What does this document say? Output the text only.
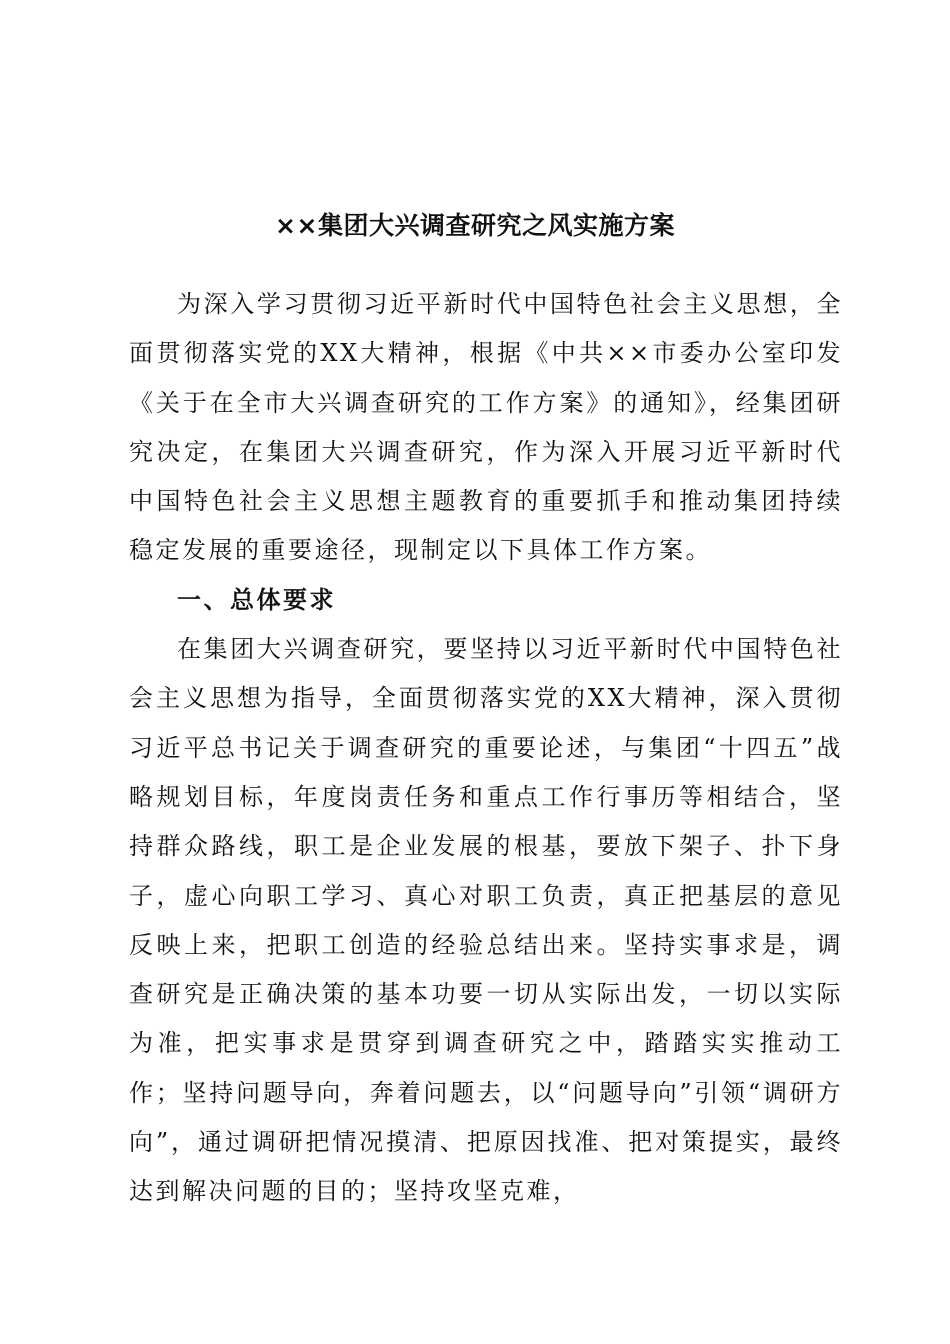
××集团大兴调查研究之风实施方案

为深入学习贯彻习近平新时代中国特色社会主义思想，全面贯彻落实党的XX大精神，根据《中共××市委办公室印发《关于在全市大兴调查研究的工作方案》的通知》，经集团研究决定，在集团大兴调查研究，作为深入开展习近平新时代中国特色社会主义思想主题教育的重要抓手和推动集团持续稳定发展的重要途径，现制定以下具体工作方案。

一、总体要求

在集团大兴调查研究，要坚持以习近平新时代中国特色社会主义思想为指导，全面贯彻落实党的XX大精神，深入贯彻习近平总书记关于调查研究的重要论述，与集团“十四五”战略规划目标，年度岗责任务和重点工作行事历等相结合，坚持群众路线，职工是企业发展的根基，要放下架子、扑下身子，虚心向职工学习、真心对职工负责，真正把基层的意见反映上来，把职工创造的经验总结出来。坚持实事求是，调查研究是正确决策的基本功要一切从实际出发，一切以实际为准，把实事求是贯穿到调查研究之中，踏踏实实推动工作；坚持问题导向，奔着问题去，以“问题导向”引领“调研方向”，通过调研把情况摸清、把原因找准、把对策提实，最终达到解决问题的目的；坚持攻坚克难，
